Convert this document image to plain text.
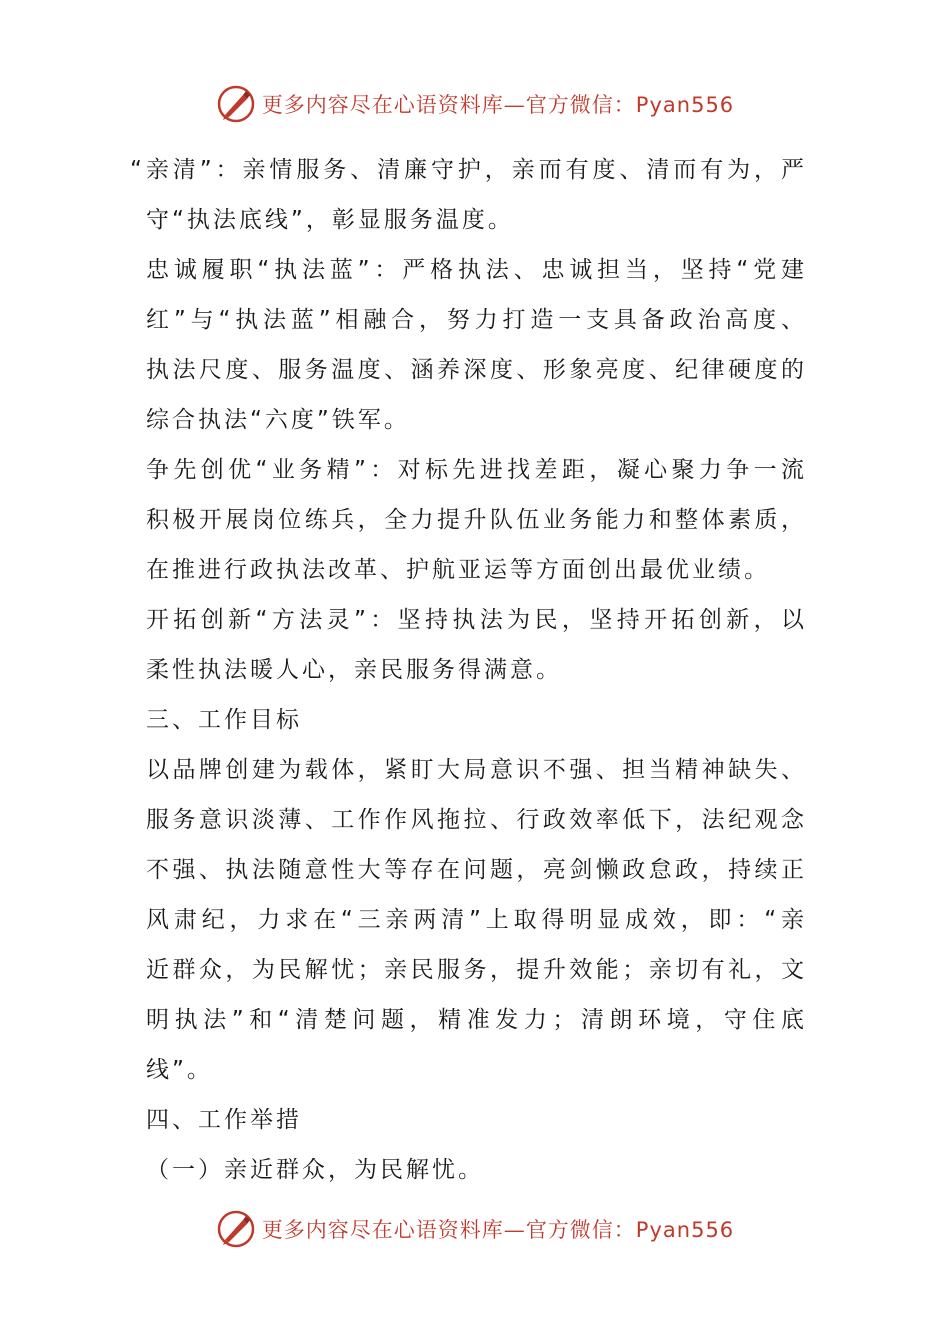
更多内容尽在心语资料库—官方微信：Pyan556
“亲清”：亲情服务、清廉守护，亲而有度、清而有为，严
守“执法底线”，彰显服务温度。
忠诚履职“执法蓝”：严格执法、忠诚担当，坚持“党建
红”与“执法蓝”相融合，努力打造一支具备政治高度、
执法尺度、服务温度、涵养深度、形象亮度、纪律硬度的
综合执法“六度”铁军。
争先创优“业务精”：对标先进找差距，凝心聚力争一流
积极开展岗位练兵，全力提升队伍业务能力和整体素质，
在推进行政执法改革、护航亚运等方面创出最优业绩。
开拓创新“方法灵”：坚持执法为民，坚持开拓创新，以
柔性执法暖人心，亲民服务得满意。
三、工作目标
以品牌创建为载体，紧盯大局意识不强、担当精神缺失、
服务意识淡薄、工作作风拖拉、行政效率低下，法纪观念
不强、执法随意性大等存在问题，亮剑懒政怠政，持续正
风肃纪，力求在“三亲两清”上取得明显成效，即：“亲
近群众，为民解忧；亲民服务，提升效能；亲切有礼，文
明执法”和“清楚问题，精准发力；清朗环境，守住底
线”。
四、工作举措
（一）亲近群众，为民解忧。
更多内容尽在心语资料库—官方微信：Pyan556
